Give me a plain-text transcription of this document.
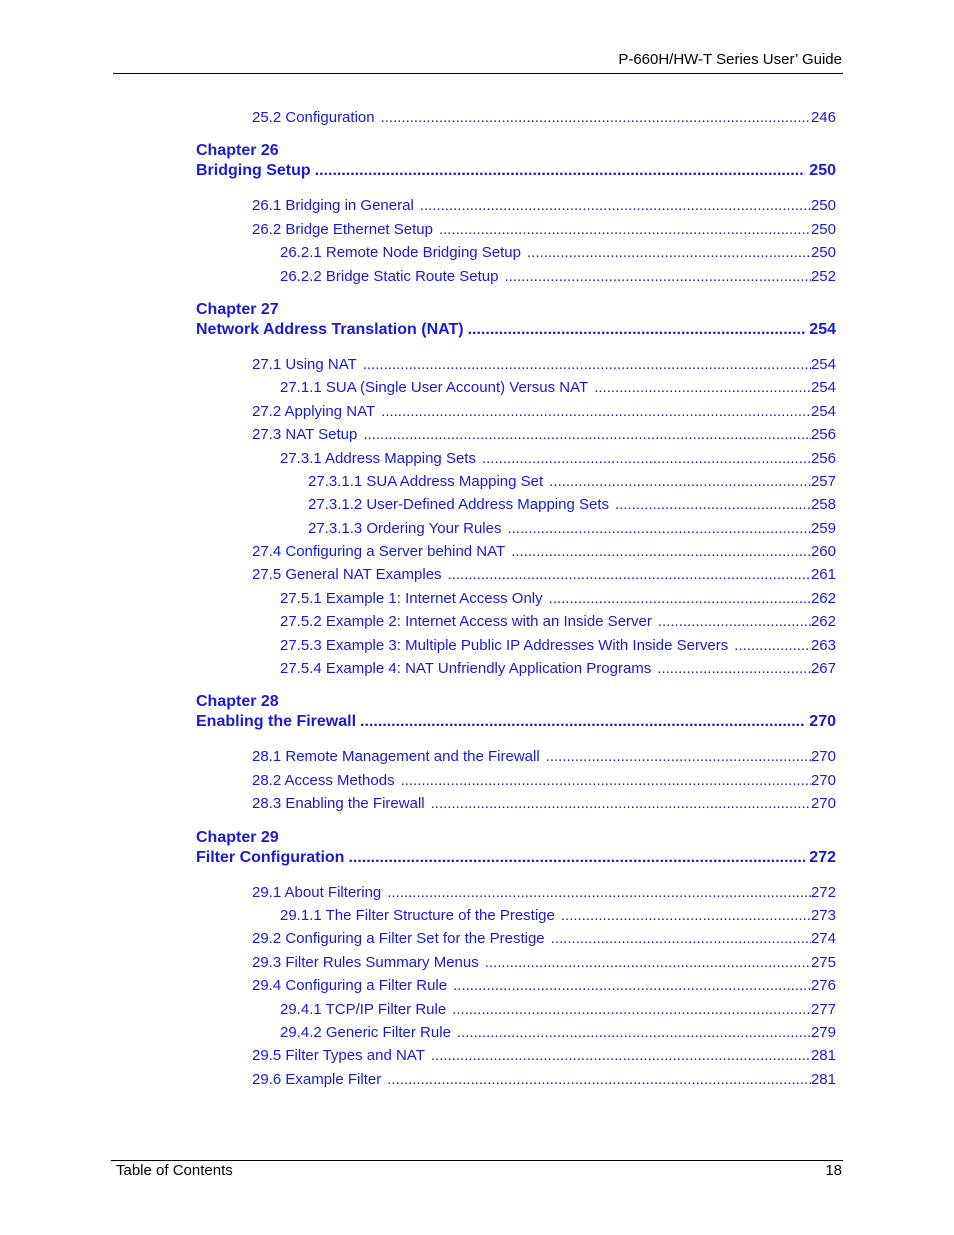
P-660H/HW-T Series User’ Guide
25.2 Configuration .....	246
Chapter 26
Bridging Setup .....	250
26.1 Bridging in General .....	250
26.2 Bridge Ethernet Setup .....	250
26.2.1 Remote Node Bridging Setup .....	250
26.2.2 Bridge Static Route Setup .....	252
Chapter 27
Network Address Translation (NAT) .....	254
27.1 Using NAT .....	254
27.1.1 SUA (Single User Account) Versus NAT .....	254
27.2 Applying NAT .....	254
27.3 NAT Setup .....	256
27.3.1 Address Mapping Sets .....	256
27.3.1.1 SUA Address Mapping Set .....	257
27.3.1.2 User-Defined Address Mapping Sets .....	258
27.3.1.3 Ordering Your Rules .....	259
27.4 Configuring a Server behind NAT .....	260
27.5 General NAT Examples .....	261
27.5.1 Example 1: Internet Access Only .....	262
27.5.2 Example 2: Internet Access with an Inside Server .....	262
27.5.3 Example 3: Multiple Public IP Addresses With Inside Servers .....	263
27.5.4 Example 4: NAT Unfriendly Application Programs .....	267
Chapter 28
Enabling the Firewall .....	270
28.1 Remote Management and the Firewall .....	270
28.2 Access Methods .....	270
28.3 Enabling the Firewall .....	270
Chapter 29
Filter Configuration .....	272
29.1 About Filtering .....	272
29.1.1 The Filter Structure of the Prestige .....	273
29.2 Configuring a Filter Set for the Prestige .....	274
29.3 Filter Rules Summary Menus .....	275
29.4 Configuring a Filter Rule .....	276
29.4.1 TCP/IP Filter Rule .....	277
29.4.2 Generic Filter Rule .....	279
29.5 Filter Types and NAT .....	281
29.6 Example Filter .....	281
Table of Contents	18
